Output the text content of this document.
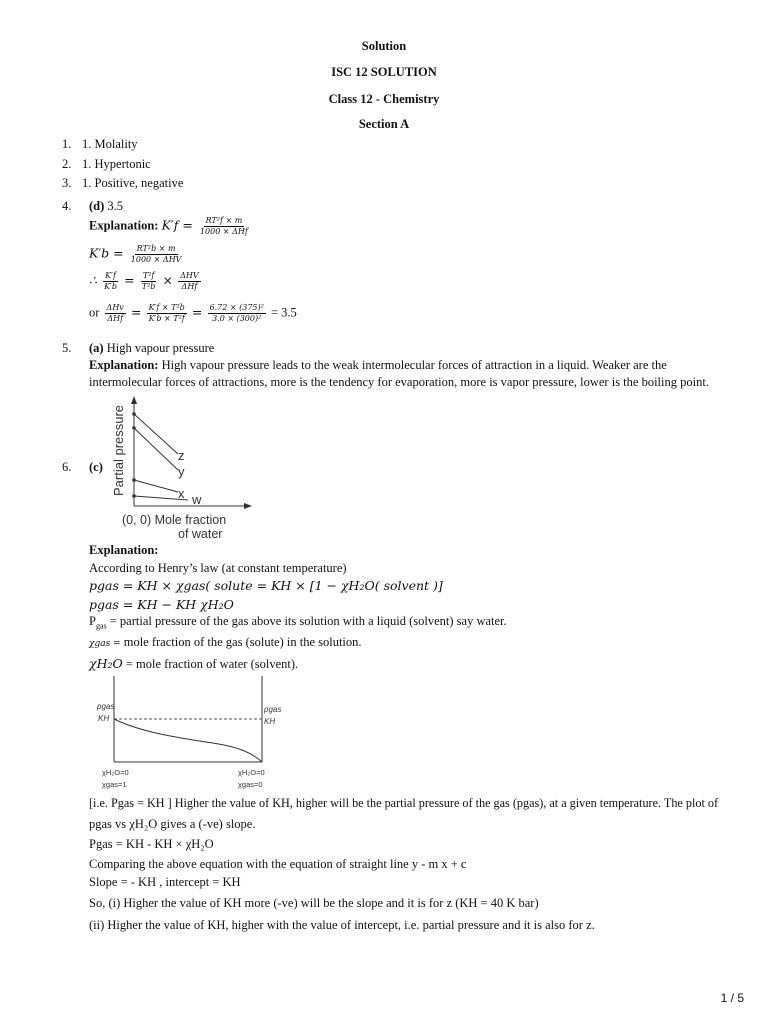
Solution
ISC 12 SOLUTION
Class 12 - Chemistry
Section A
1. 1. Molality
2. 1. Hypertonic
3. 1. Positive, negative
4. (d) 3.5
Explanation: $K'f = \frac{\text{RT²f × m}}{\text{1000 × ΔHf}}$
$K'b = \frac{\text{RT²b × m}}{\text{1000 × ΔHV}}$
∴ $\frac{K'f}{K'b} = \frac{\text{T²f}}{\text{T²b}} \times \frac{\text{ΔHV}}{\text{ΔHf}}$
or $\frac{\text{ΔHv}}{\text{ΔHf}} = \frac{\text{K′f × T²b}}{\text{K′b × T²f}} = \frac{\text{6.72 × (375)²}}{\text{3.0 × (300)²}} = 3.5$
5. (a) High vapour pressure
Explanation: High vapour pressure leads to the weak intermolecular forces of attraction in a liquid. Weaker are the intermolecular forces of attractions, more is the tendency for evaporation, more is vapor pressure, lower is the boiling point.
6. (c)
z
y
x w
Partial pressure
(0, 0) Mole fraction
of water
Explanation:
According to Henry’s law (at constant temperature)
pgas = KH × χgas( solute = KH × [1 − χH₂O( solvent )]
pgas = KH − KH χH₂O
$P_{gas}$ = partial pressure of the gas above its solution with a liquid (solvent) say water.
χgas = mole fraction of the gas (solute) in the solution.
χH₂O = mole fraction of water (solvent).
pgas
KH
pgas
KH
χH₂O=0
χgas=1
χH₂O=0
χgas=0
[i.e. Pgas = KH ] Higher the value of KH, higher will be the partial pressure of the gas (pgas), at a given temperature. The plot of
pgas vs χH₂O gives a (-ve) slope.
Pgas = KH - KH × χH₂O
Comparing the above equation with the equation of straight line y - m x + c
Slope = - KH , intercept = KH
So, (i) Higher the value of KH more (-ve) will be the slope and it is for z (KH = 40 K bar)
(ii) Higher the value of KH, higher with the value of intercept, i.e. partial pressure and it is also for z.
1 / 5
